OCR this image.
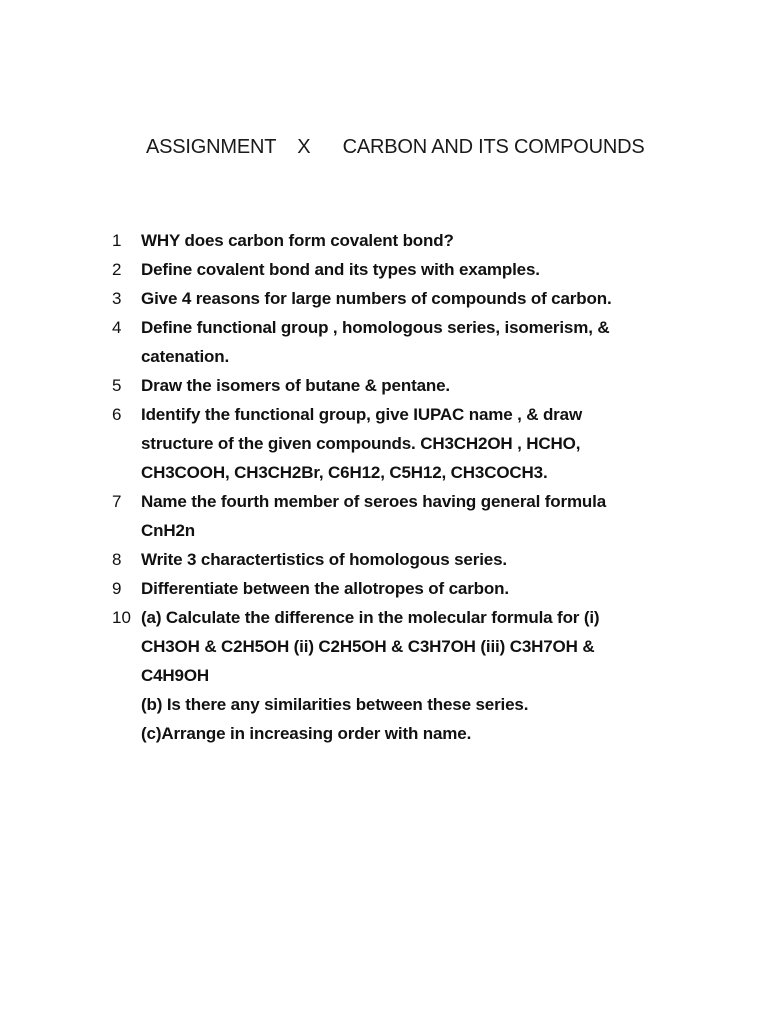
ASSIGNMENT    X      CARBON AND ITS COMPOUNDS
1	WHY does carbon form covalent bond?
2	Define covalent bond and its types with examples.
3	Give 4 reasons for large numbers of compounds of carbon.
4	Define functional group , homologous series, isomerism, &
catenation.
5	Draw the isomers of butane & pentane.
6	Identify the functional group, give IUPAC name , & draw
structure of the given compounds. CH3CH2OH , HCHO,
CH3COOH, CH3CH2Br, C6H12, C5H12, CH3COCH3.
7	Name the fourth member of seroes having general formula
CnH2n
8	Write 3 charactertistics of homologous series.
9	Differentiate between the allotropes of carbon.
10 (a) Calculate the difference in the molecular formula for (i)
CH3OH & C2H5OH (ii) C2H5OH & C3H7OH (iii) C3H7OH &
C4H9OH
(b) Is there any similarities between these series.
(c)Arrange in increasing order with name.
